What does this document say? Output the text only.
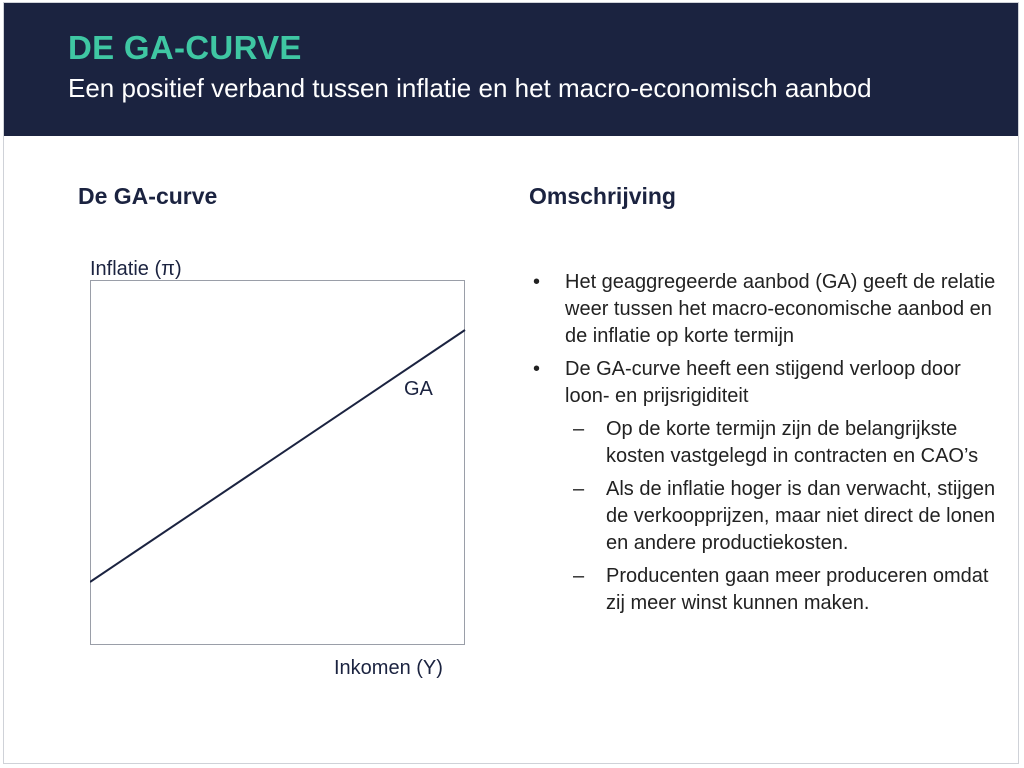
DE GA-CURVE
Een positief verband tussen inflatie en het macro-economisch aanbod
De GA-curve	Omschrijving
Inflatie (π)
GA
Inkomen (Y)
• Het geaggregeerde aanbod (GA) geeft de relatie weer tussen het macro-economische aanbod en de inflatie op korte termijn
• De GA-curve heeft een stijgend verloop door loon- en prijsrigiditeit
– Op de korte termijn zijn de belangrijkste kosten vastgelegd in contracten en CAO’s
– Als de inflatie hoger is dan verwacht, stijgen de verkoopprijzen, maar niet direct de lonen en andere productiekosten.
– Producenten gaan meer produceren omdat zij meer winst kunnen maken.
